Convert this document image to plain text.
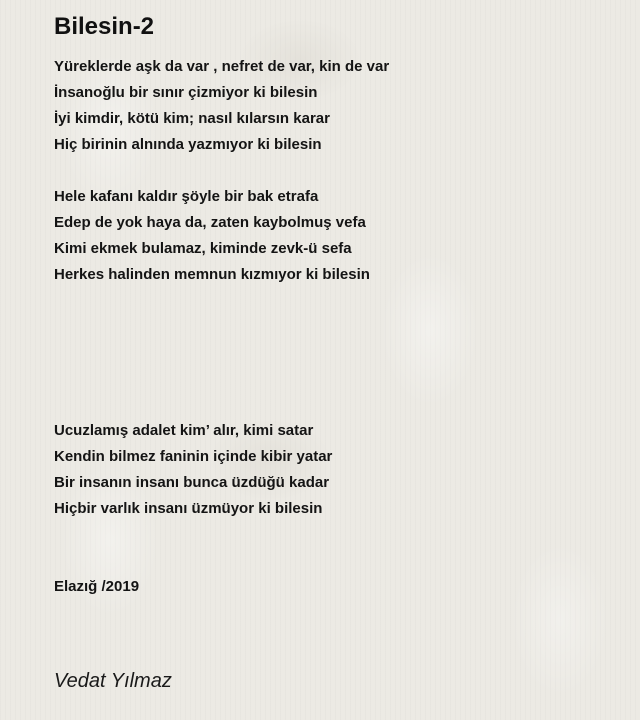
Bilesin-2
Yüreklerde aşk da var , nefret de var, kin de var
İnsanoğlu bir sınır çizmiyor ki bilesin
İyi kimdir, kötü kim; nasıl kılarsın karar
Hiç birinin alnında yazmıyor ki bilesin
Hele kafanı kaldır şöyle bir bak etrafa
Edep de yok haya da, zaten kaybolmuş vefa
Kimi ekmek bulamaz, kiminde zevk-ü sefa
Herkes halinden memnun kızmıyor ki bilesin
Ucuzlamış adalet kim’ alır, kimi satar
Kendin bilmez faninin içinde kibir yatar
Bir insanın insanı bunca üzdüğü kadar
Hiçbir varlık insanı üzmüyor ki bilesin
Elazığ /2019
Vedat Yılmaz
